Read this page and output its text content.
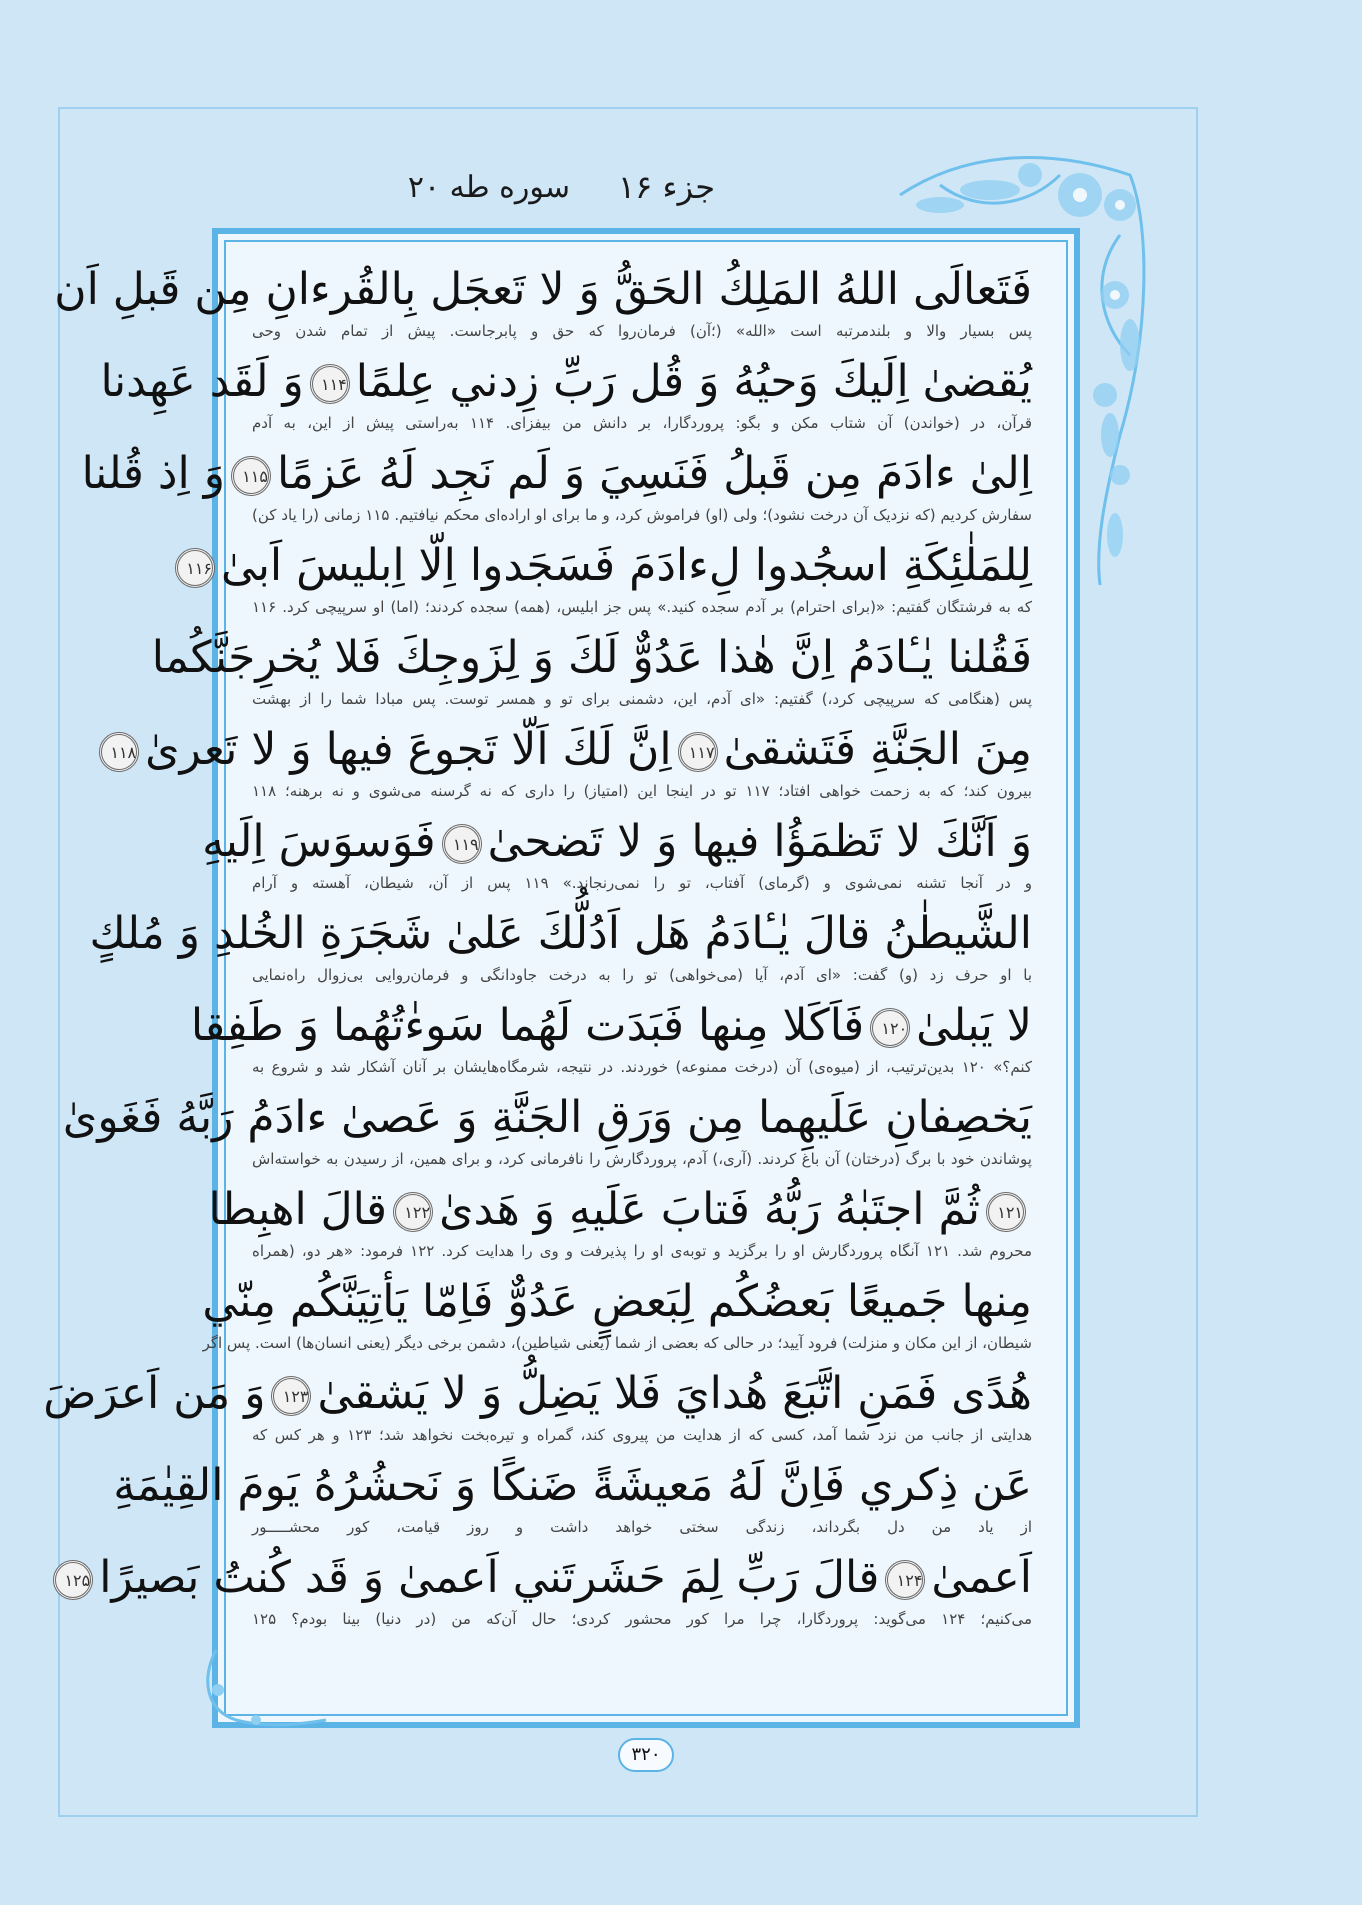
سوره طه ۲۰ جزء ۱۶
فَتَعالَى اللهُ المَلِكُ الحَقُّ وَ لا تَعجَل بِالقُرءانِ مِن قَبلِ اَن
پس بسیار والا و بلندمرتبه است «الله» (؛آن) فرمان‌روا که حق و پابرجاست. پیش از تمام شدن وحی
يُقضىٰ اِلَيكَ وَحيُهُ وَ قُل رَبِّ زِدني عِلمًا۱۱۴وَ لَقَد عَهِدنا
قرآن، در (خواندن) آن شتاب مکن و بگو: پروردگارا، بر دانش من بیفزای. ۱۱۴ به‌راستی پیش از این، به آدم
اِلىٰ ءادَمَ مِن قَبلُ فَنَسِيَ وَ لَم نَجِد لَهُ عَزمًا۱۱۵وَ اِذ قُلنا
سفارش کردیم (که نزدیک آن درخت نشود)؛ ولی (او) فراموش کرد، و ما برای او اراده‌ای محکم نیافتیم. ۱۱۵ زمانی (را یاد کن)
لِلمَلٰئِكَةِ اسجُدوا لِءادَمَ فَسَجَدوا اِلّا اِبليسَ اَبىٰ۱۱۶
که به فرشتگان گفتیم: «(برای احترام) بر آدم سجده کنید.» پس جز ابلیس، (همه) سجده کردند؛ (اما) او سرپیچی کرد. ۱۱۶
فَقُلنا يٰـٔادَمُ اِنَّ هٰذا عَدُوٌّ لَكَ وَ لِزَوجِكَ فَلا يُخرِجَنَّكُما
پس (هنگامی که سرپیچی کرد،) گفتیم: «ای آدم، این، دشمنی برای تو و همسر توست. پس مبادا شما را از بهشت
مِنَ الجَنَّةِ فَتَشقىٰ۱۱۷اِنَّ لَكَ اَلّا تَجوعَ فيها وَ لا تَعرىٰ۱۱۸
بیرون کند؛ که به زحمت خواهی افتاد؛ ۱۱۷ تو در اینجا این (امتیاز) را داری که نه گرسنه می‌شوی و نه برهنه؛ ۱۱۸
وَ اَنَّكَ لا تَظمَؤُا فيها وَ لا تَضحىٰ۱۱۹فَوَسوَسَ اِلَيهِ
و در آنجا تشنه نمی‌شوی و (گرمای) آفتاب، تو را نمی‌رنجاند.» ۱۱۹ پس از آن، شیطان، آهسته و آرام
الشَّيطٰنُ قالَ يٰـٔادَمُ هَل اَدُلُّكَ عَلىٰ شَجَرَةِ الخُلدِ وَ مُلكٍ
با او حرف زد (و) گفت: «ای آدم، آیا (می‌خواهی) تو را به درخت جاودانگی و فرمان‌روایی بی‌زوال راه‌نمایی
لا يَبلىٰ۱۲۰فَاَكَلا مِنها فَبَدَت لَهُما سَوءٰتُهُما وَ طَفِقا
کنم؟» ۱۲۰ بدین‌ترتیب، از (میوه‌ی) آن (درخت ممنوعه) خوردند. در نتیجه، شرمگاه‌هایشان بر آنان آشکار شد و شروع به
يَخصِفانِ عَلَيهِما مِن وَرَقِ الجَنَّةِ وَ عَصىٰ ءادَمُ رَبَّهُ فَغَوىٰ
پوشاندن خود با برگ (درختان) آن باغ کردند. (آری،) آدم، پروردگارش را نافرمانی کرد، و برای همین، از رسیدن به خواسته‌اش
۱۲۱ثُمَّ اجتَبٰهُ رَبُّهُ فَتابَ عَلَيهِ وَ هَدىٰ۱۲۲قالَ اهبِطا
محروم شد. ۱۲۱ آنگاه پروردگارش او را برگزید و توبه‌ی او را پذیرفت و وی را هدایت کرد. ۱۲۲ فرمود: «هر دو، (همراه
مِنها جَميعًا بَعضُكُم لِبَعضٍ عَدُوٌّ فَاِمّا يَأتِيَنَّكُم مِنّي
شیطان، از این مکان و منزلت) فرود آیید؛ در حالی که بعضی از شما (یعنی شیاطین)، دشمن برخی دیگر (یعنی انسان‌ها) است. پس اگر
هُدًى فَمَنِ اتَّبَعَ هُدايَ فَلا يَضِلُّ وَ لا يَشقىٰ۱۲۳وَ مَن اَعرَضَ
هدایتی از جانب من نزد شما آمد، کسی که از هدایت من پیروی کند، گمراه و تیره‌بخت نخواهد شد؛ ۱۲۳ و هر کس که
عَن ذِكري فَاِنَّ لَهُ مَعيشَةً ضَنكًا وَ نَحشُرُهُ يَومَ القِيٰمَةِ
از یاد من دل بگرداند، زندگی سختی خواهد داشت و روز قیامت، کور محشـــــور
اَعمىٰ۱۲۴قالَ رَبِّ لِمَ حَشَرتَني اَعمىٰ وَ قَد كُنتُ بَصيرًا۱۲۵
می‌کنیم؛ ۱۲۴ می‌گوید: پروردگارا، چرا مرا کور محشور کردی؛ حال آن‌که من (در دنیا) بینا بودم؟ ۱۲۵
۳۲۰
